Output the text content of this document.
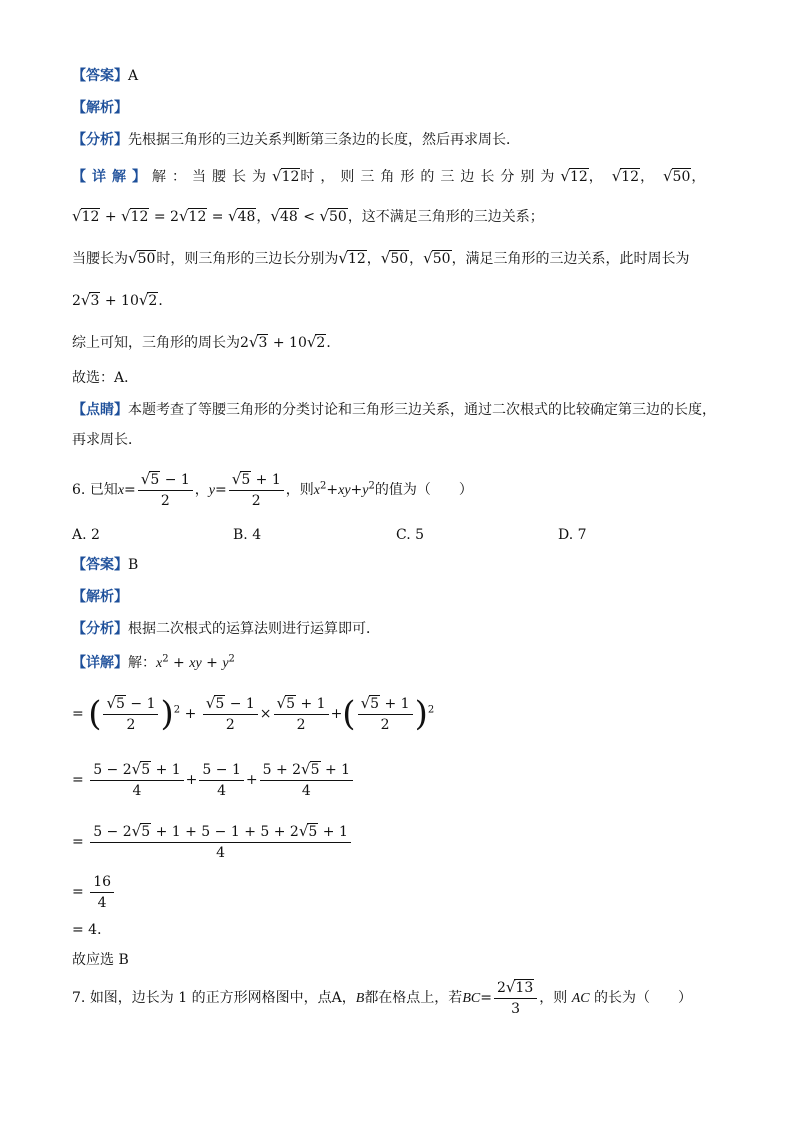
【答案】A
【解析】
【分析】先根据三角形的三边关系判断第三条边的长度，然后再求周长．
【详解】解：当腰长为√12时，则三角形的三边长分别为√12，  √12，  √50，
√12 + √12 = 2√12 = √48，√48 < √50，这不满足三角形的三边关系；
当腰长为√50时，则三角形的三边长分别为√12，√50，√50，满足三角形的三边关系，此时周长为
2√3 + 10√2．
综上可知，三角形的周长为2√3 + 10√2．
故选：A．
【点睛】本题考查了等腰三角形的分类讨论和三角形三边关系，通过二次根式的比较确定第三边的长度，
再求周长．
6. 已知$x= \frac{√5 - 1}{2}$ ，$y= \frac{√5 + 1}{2}$ ，则$x^2+xy+y^2$的值为（　　）
A. 2	B. 4	C. 5	D. 7
【答案】B
【解析】
【分析】根据二次根式的运算法则进行运算即可．
【详解】解：$x^2$ + xy + $y^2$
= ( $\frac{√5 - 1}{2} )^2 + \frac{√5 - 1}{2} \times \frac{√5 + 1}{2}$ +( $\frac{√5 + 1}{2} )^2$
= $\frac{5 - 2√5 + 1}{4} + \frac{5 - 1}{4} + \frac{5 + 2√5 + 1}{4}$
= $\frac{5 - 2√5 + 1 + 5 - 1 + 5 + 2√5 + 1}{4}$
= $\frac{16}{4}$
= 4．
故应选 B
7. 如图，边长为 1 的正方形网格图中，点A，B都在格点上，若$BC= \frac{2√13}{3}$ ，则 AC 的长为（　　）
